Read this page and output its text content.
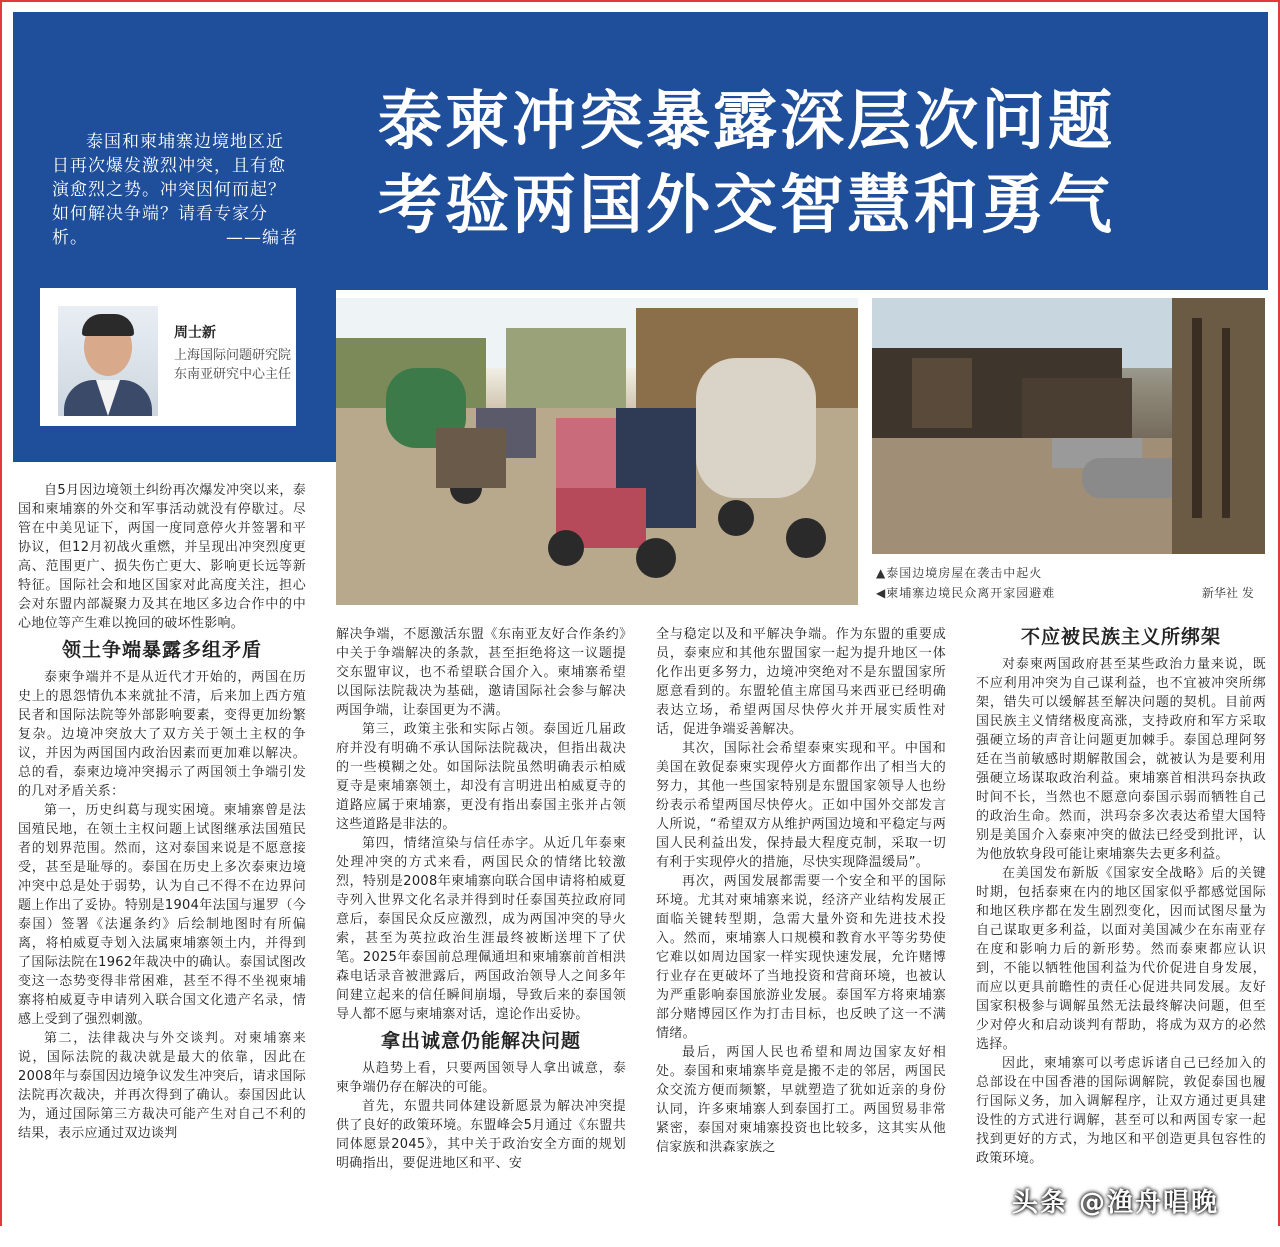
泰国和柬埔寨边境地区近日再次爆发激烈冲突，且有愈演愈烈之势。冲突因何而起？如何解决争端？请看专家分析。	——编者
泰柬冲突暴露深层次问题
考验两国外交智慧和勇气
周士新
上海国际问题研究院东南亚研究中心主任
▲泰国边境房屋在袭击中起火
◀柬埔寨边境民众离开家园避难	新华社 发

自5月因边境领土纠纷再次爆发冲突以来，泰国和柬埔寨的外交和军事活动就没有停歇过。尽管在中美见证下，两国一度同意停火并签署和平协议，但12月初战火重燃，并呈现出冲突烈度更高、范围更广、损失伤亡更大、影响更长远等新特征。国际社会和地区国家对此高度关注，担心会对东盟内部凝聚力及其在地区多边合作中的中心地位等产生难以挽回的破坏性影响。

领土争端暴露多组矛盾

泰柬争端并不是从近代才开始的，两国在历史上的恩怨情仇本来就扯不清，后来加上西方殖民者和国际法院等外部影响要素，变得更加纷繁复杂。边境冲突放大了双方关于领土主权的争议，并因为两国国内政治因素而更加难以解决。总的看，泰柬边境冲突揭示了两国领土争端引发的几对矛盾关系：

第一，历史纠葛与现实困境。柬埔寨曾是法国殖民地，在领土主权问题上试图继承法国殖民者的划界范围。然而，这对泰国来说是不愿意接受，甚至是耻辱的。泰国在历史上多次泰柬边境冲突中总是处于弱势，认为自己不得不在边界问题上作出了妥协。特别是1904年法国与暹罗（今泰国）签署《法暹条约》后绘制地图时有所偏离，将柏威夏寺划入法属柬埔寨领土内，并得到了国际法院在1962年裁决中的确认。泰国试图改变这一态势变得非常困难，甚至不得不坐视柬埔寨将柏威夏寺申请列入联合国文化遗产名录，情感上受到了强烈刺激。

第二，法律裁决与外交谈判。对柬埔寨来说，国际法院的裁决就是最大的依靠，因此在2008年与泰国因边境争议发生冲突后，请求国际法院再次裁决，并再次得到了确认。泰国因此认为，通过国际第三方裁决可能产生对自己不利的结果，表示应通过双边谈判

解决争端，不愿激活东盟《东南亚友好合作条约》中关于争端解决的条款，甚至拒绝将这一议题提交东盟审议，也不希望联合国介入。柬埔寨希望以国际法院裁决为基础，邀请国际社会参与解决两国争端，让泰国更为不满。

第三，政策主张和实际占领。泰国近几届政府并没有明确不承认国际法院裁决，但指出裁决的一些模糊之处。如国际法院虽然明确表示柏威夏寺是柬埔寨领土，却没有言明进出柏威夏寺的道路应属于柬埔寨，更没有指出泰国主张并占领这些道路是非法的。

第四，情绪渲染与信任赤字。从近几年泰柬处理冲突的方式来看，两国民众的情绪比较激烈，特别是2008年柬埔寨向联合国申请将柏威夏寺列入世界文化名录并得到时任泰国英拉政府同意后，泰国民众反应激烈，成为两国冲突的导火索，甚至为英拉政治生涯最终被断送埋下了伏笔。2025年泰国前总理佩通坦和柬埔寨前首相洪森电话录音被泄露后，两国政治领导人之间多年间建立起来的信任瞬间崩塌，导致后来的泰国领导人都不愿与柬埔寨对话，遑论作出妥协。

拿出诚意仍能解决问题

从趋势上看，只要两国领导人拿出诚意，泰柬争端仍存在解决的可能。

首先，东盟共同体建设新愿景为解决冲突提供了良好的政策环境。东盟峰会5月通过《东盟共同体愿景2045》，其中关于政治安全方面的规划明确指出，要促进地区和平、安

全与稳定以及和平解决争端。作为东盟的重要成员，泰柬应和其他东盟国家一起为提升地区一体化作出更多努力，边境冲突绝对不是东盟国家所愿意看到的。东盟轮值主席国马来西亚已经明确表达立场，希望两国尽快停火并开展实质性对话，促进争端妥善解决。

其次，国际社会希望泰柬实现和平。中国和美国在敦促泰柬实现停火方面都作出了相当大的努力，其他一些国家特别是东盟国家领导人也纷纷表示希望两国尽快停火。正如中国外交部发言人所说，“希望双方从维护两国边境和平稳定与两国人民利益出发，保持最大程度克制，采取一切有利于实现停火的措施，尽快实现降温缓局”。

再次，两国发展都需要一个安全和平的国际环境。尤其对柬埔寨来说，经济产业结构发展正面临关键转型期，急需大量外资和先进技术投入。然而，柬埔寨人口规模和教育水平等劣势使它难以如周边国家一样实现快速发展，允许赌博行业存在更破坏了当地投资和营商环境，也被认为严重影响泰国旅游业发展。泰国军方将柬埔寨部分赌博园区作为打击目标，也反映了这一不满情绪。

最后，两国人民也希望和周边国家友好相处。泰国和柬埔寨毕竟是搬不走的邻居，两国民众交流方便而频繁，早就塑造了犹如近亲的身份认同，许多柬埔寨人到泰国打工。两国贸易非常紧密，泰国对柬埔寨投资也比较多，这其实从他信家族和洪森家族之

不应被民族主义所绑架

对泰柬两国政府甚至某些政治力量来说，既不应利用冲突为自己谋利益，也不宜被冲突所绑架，错失可以缓解甚至解决问题的契机。目前两国民族主义情绪极度高涨，支持政府和军方采取强硬立场的声音让问题更加棘手。泰国总理阿努廷在当前敏感时期解散国会，就被认为是要利用强硬立场谋取政治利益。柬埔寨首相洪玛奈执政时间不长，当然也不愿意向泰国示弱而牺牲自己的政治生命。然而，洪玛奈多次表达希望大国特别是美国介入泰柬冲突的做法已经受到批评，认为他放软身段可能让柬埔寨失去更多利益。

在美国发布新版《国家安全战略》后的关键时期，包括泰柬在内的地区国家似乎都感觉国际和地区秩序都在发生剧烈变化，因而试图尽量为自己谋取更多利益，以面对美国减少在东南亚存在度和影响力后的新形势。然而泰柬都应认识到，不能以牺牲他国利益为代价促进自身发展，而应以更具前瞻性的责任心促进共同发展。友好国家积极参与调解虽然无法最终解决问题，但至少对停火和启动谈判有帮助，将成为双方的必然选择。

因此，柬埔寨可以考虑诉诸自己已经加入的总部设在中国香港的国际调解院，敦促泰国也履行国际义务，加入调解程序，让双方通过更具建设性的方式进行调解，甚至可以和两国专家一起找到更好的方式，为地区和平创造更具包容性的政策环境。

头条 @渔舟唱晚
